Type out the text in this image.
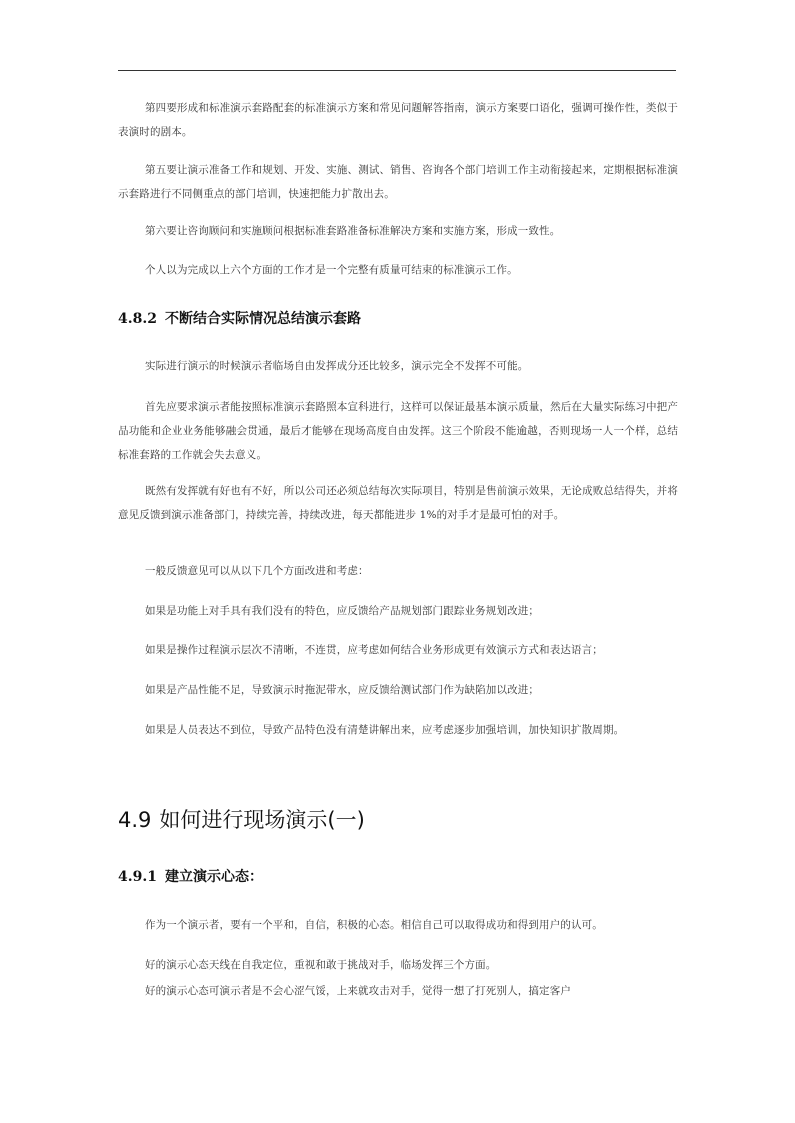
第四要形成和标准演示套路配套的标准演示方案和常见问题解答指南，演示方案要口语化，强调可操作性，类似于表演时的剧本。

第五要让演示准备工作和规划、开发、实施、测试、销售、咨询各个部门培训工作主动衔接起来，定期根据标准演示套路进行不同侧重点的部门培训，快速把能力扩散出去。

第六要让咨询顾问和实施顾问根据标准套路准备标准解决方案和实施方案，形成一致性。

个人以为完成以上六个方面的工作才是一个完整有质量可结束的标准演示工作。

4.8.2 不断结合实际情况总结演示套路

实际进行演示的时候演示者临场自由发挥成分还比较多，演示完全不发挥不可能。

首先应要求演示者能按照标准演示套路照本宣科进行，这样可以保证最基本演示质量，然后在大量实际练习中把产品功能和企业业务能够融会贯通，最后才能够在现场高度自由发挥。这三个阶段不能逾越，否则现场一人一个样，总结标准套路的工作就会失去意义。

既然有发挥就有好也有不好，所以公司还必须总结每次实际项目，特别是售前演示效果，无论成败总结得失，并将意见反馈到演示准备部门，持续完善，持续改进，每天都能进步 1%的对手才是最可怕的对手。

一般反馈意见可以从以下几个方面改进和考虑：

如果是功能上对手具有我们没有的特色，应反馈给产品规划部门跟踪业务规划改进；

如果是操作过程演示层次不清晰，不连贯，应考虑如何结合业务形成更有效演示方式和表达语言；

如果是产品性能不足，导致演示时拖泥带水，应反馈给测试部门作为缺陷加以改进；

如果是人员表达不到位，导致产品特色没有清楚讲解出来，应考虑逐步加强培训，加快知识扩散周期。

4.9 如何进行现场演示(一)
4.9.1 建立演示心态：

作为一个演示者，要有一个平和，自信，积极的心态。相信自己可以取得成功和得到用户的认可。

好的演示心态天线在自我定位，重视和敢于挑战对手，临场发挥三个方面。

好的演示心态可演示者是不会心涩气馁，上来就攻击对手，觉得一想了打死别人，搞定客户
